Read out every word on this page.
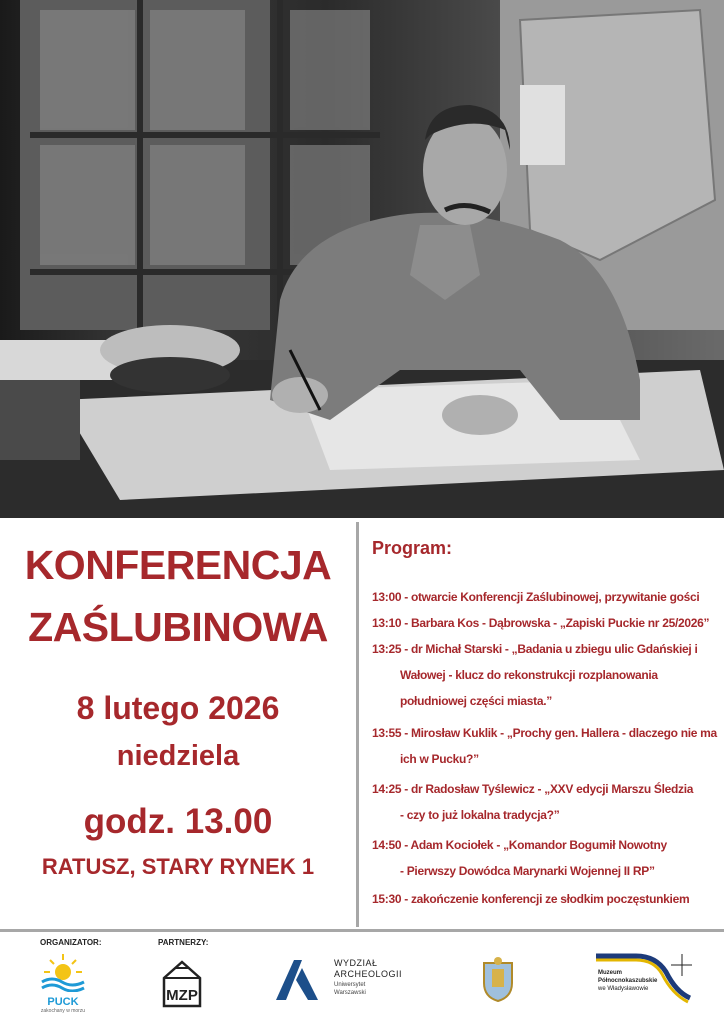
KONFERENCJA
ZAŚLUBINOWA
8 lutego 2026
niedziela
godz. 13.00
RATUSZ, STARY RYNEK 1
Program:
13:00 - otwarcie Konferencji Zaślubinowej, przywitanie gości
13:10 - Barbara Kos - Dąbrowska - „Zapiski Puckie nr 25/2026”
13:25 - dr Michał Starski - „Badania u zbiegu ulic Gdańskiej i
Wałowej - klucz do rekonstrukcji rozplanowania
południowej części miasta.”
13:55 - Mirosław Kuklik - „Prochy gen. Hallera - dlaczego nie ma
ich w Pucku?”
14:25 - dr Radosław Tyślewicz - „XXV edycji Marszu Śledzia
- czy to już lokalna tradycja?”
14:50 - Adam Kociołek - „Komandor Bogumił Nowotny
- Pierwszy Dowódca Marynarki Wojennej II RP”
15:30 - zakończenie konferencji ze słodkim poczęstunkiem
ORGANIZATOR:	PARTNERZY:
PUCK
zakochany w morzu
MZP
WYDZIAŁ
ARCHEOLOGII
Uniwersytet
Warszawski
Muzeum
Północnokaszubskie
we Władysławowie
